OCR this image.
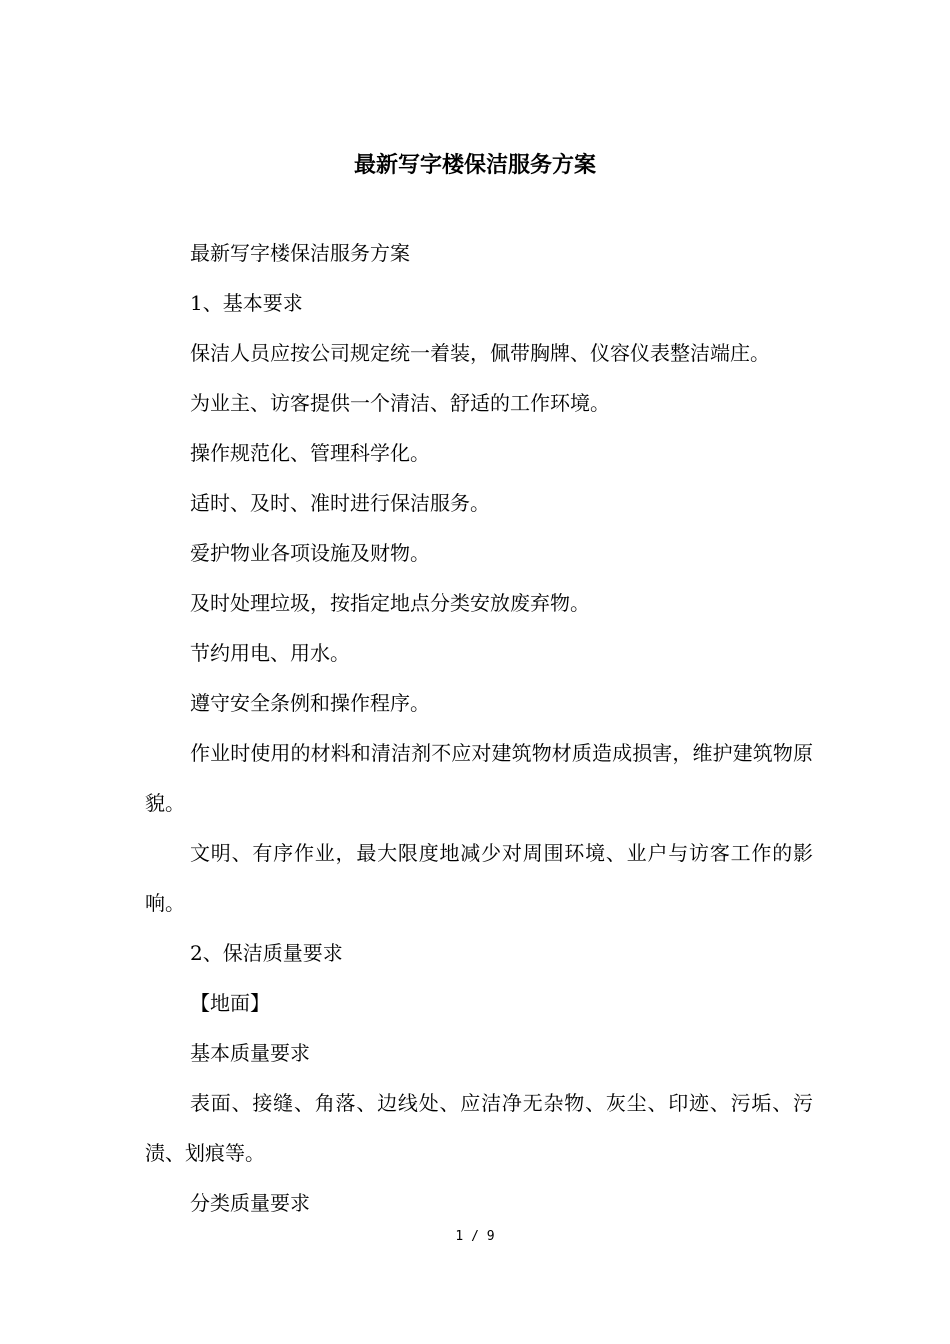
最新写字楼保洁服务方案

最新写字楼保洁服务方案

1、基本要求

保洁人员应按公司规定统一着装，佩带胸牌、仪容仪表整洁端庄。

为业主、访客提供一个清洁、舒适的工作环境。

操作规范化、管理科学化。

适时、及时、准时进行保洁服务。

爱护物业各项设施及财物。

及时处理垃圾，按指定地点分类安放废弃物。

节约用电、用水。

遵守安全条例和操作程序。

作业时使用的材料和清洁剂不应对建筑物材质造成损害，维护建筑物原貌。

文明、有序作业，最大限度地减少对周围环境、业户与访客工作的影响。

2、保洁质量要求

【地面】

基本质量要求

表面、接缝、角落、边线处、应洁净无杂物、灰尘、印迹、污垢、污渍、划痕等。

分类质量要求

1 / 9
